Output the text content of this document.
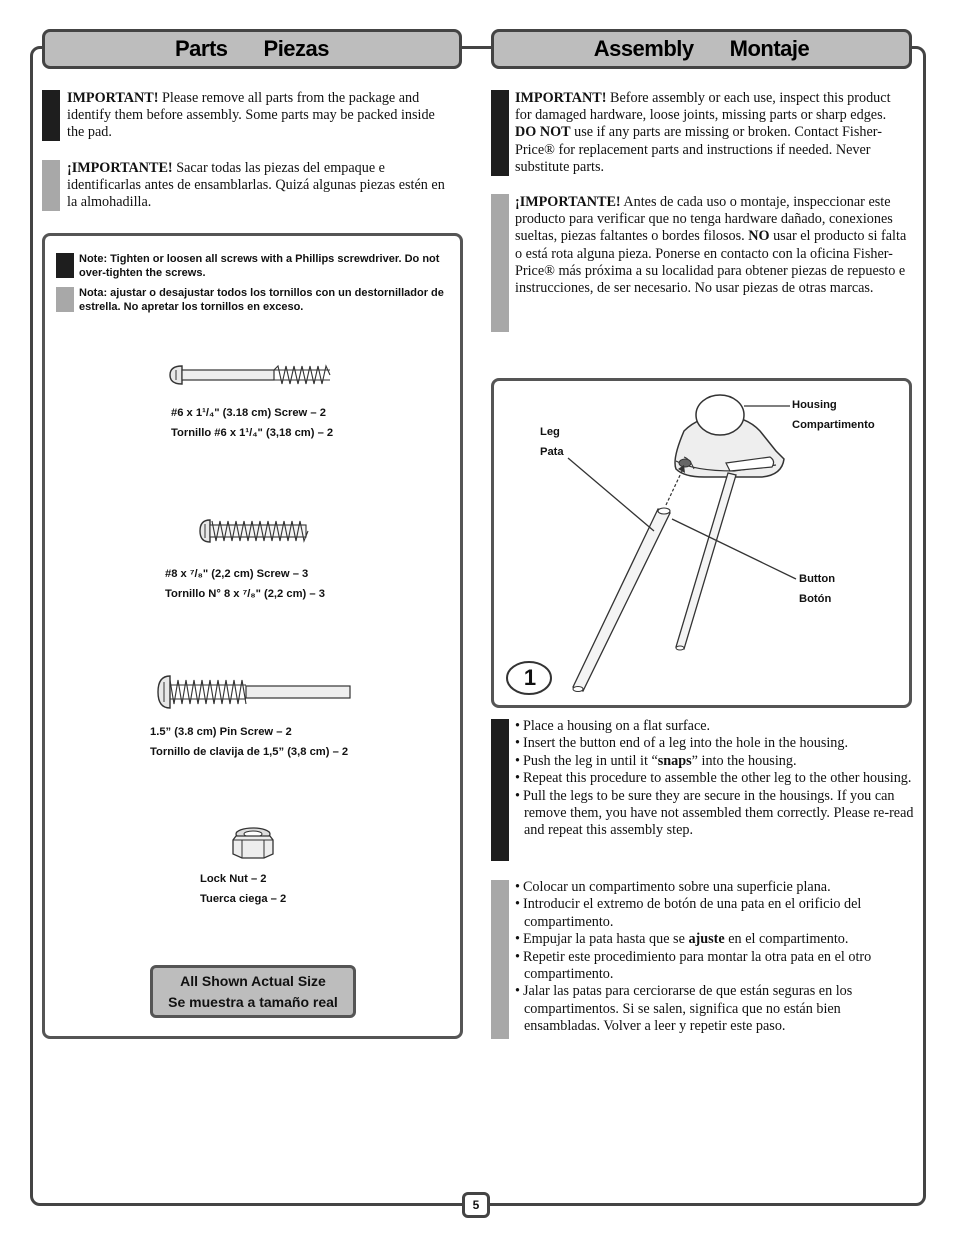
Parts Piezas	Assembly Montaje
IMPORTANT! Please remove all parts from the package and identify them before assembly. Some parts may be packed inside the pad.
¡IMPORTANTE! Sacar todas las piezas del empaque e identificarlas antes de ensamblarlas. Quizá algunas piezas estén en la almohadilla.
Note: Tighten or loosen all screws with a Phillips screwdriver. Do not over-tighten the screws.
Nota: ajustar o desajustar todos los tornillos con un destornillador de estrella. No apretar los tornillos en exceso.
#6 x 1¹/₄" (3.18 cm) Screw – 2
Tornillo #6 x 1¹/₄" (3,18 cm) – 2
#8 x ⁷/₈" (2,2 cm) Screw – 3
Tornillo N° 8 x ⁷/₈" (2,2 cm) – 3
1.5” (3.8 cm) Pin Screw – 2
Tornillo de clavija de 1,5” (3,8 cm) – 2
Lock Nut – 2
Tuerca ciega – 2
All Shown Actual Size
Se muestra a tamaño real
IMPORTANT! Before assembly or each use, inspect this product for damaged hardware, loose joints, missing parts or sharp edges. DO NOT use if any parts are missing or broken. Contact Fisher-Price® for replacement parts and instructions if needed. Never substitute parts.
¡IMPORTANTE! Antes de cada uso o montaje, inspeccionar este producto para verificar que no tenga hardware dañado, conexiones sueltas, piezas faltantes o bordes filosos. NO usar el producto si falta o está rota alguna pieza. Ponerse en contacto con la oficina Fisher-Price® más próxima a su localidad para obtener piezas de repuesto e instrucciones, de ser necesario. No usar piezas de otras marcas.
1
Housing
Compartimento
Leg
Pata
Button
Botón
• Place a housing on a flat surface.
• Insert the button end of a leg into the hole in the housing.
• Push the leg in until it “snaps” into the housing.
• Repeat this procedure to assemble the other leg to the other housing.
• Pull the legs to be sure they are secure in the housings. If you can remove them, you have not assembled them correctly. Please re-read and repeat this assembly step.
• Colocar un compartimento sobre una superficie plana.
• Introducir el extremo de botón de una pata en el orificio del compartimento.
• Empujar la pata hasta que se ajuste en el compartimento.
• Repetir este procedimiento para montar la otra pata en el otro compartimento.
• Jalar las patas para cerciorarse de que están seguras en los compartimentos. Si se salen, significa que no están bien ensambladas. Volver a leer y repetir este paso.
5
